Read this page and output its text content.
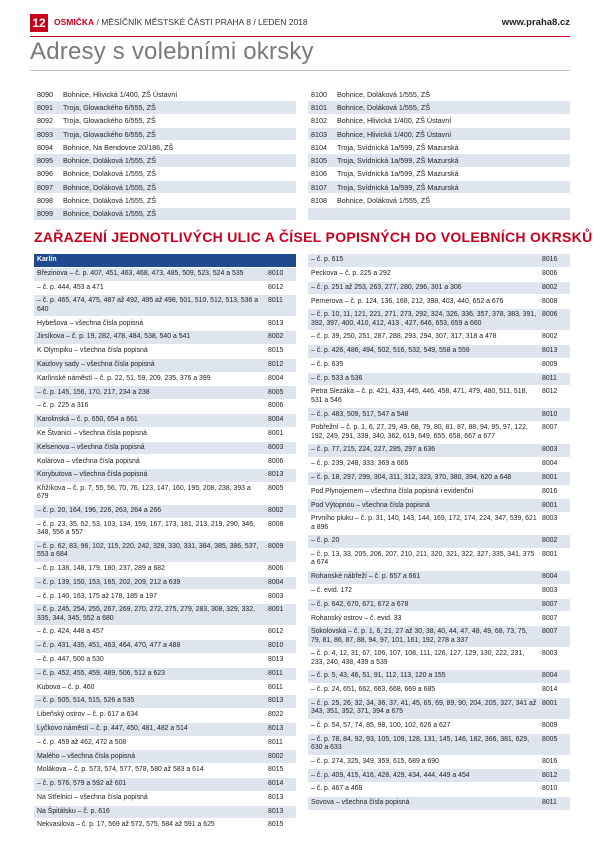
12 OSMIČKA / MĚSÍČNÍK MĚSTSKÉ ČÁSTI PRAHA 8 / LEDEN 2018	www.praha8.cz
Adresy s volebními okrsky
8090	Bohnice, Hlivická 1/400, ZŠ Ústavní
8091	Troja, Glowackého 6/555, ZŠ
8092	Troja, Glowackého 6/555, ZŠ
8093	Troja, Glowackého 6/555, ZŠ
8094	Bohnice, Na Bendovce 20/186, ZŠ
8095	Bohnice, Doláková 1/555, ZŠ
8096	Bohnice, Doláková 1/555, ZŠ
8097	Bohnice, Doláková 1/555, ZŠ
8098	Bohnice, Doláková 1/555, ZŠ
8099	Bohnice, Doláková 1/555, ZŠ
8100	Bohnice, Doláková 1/555, ZŠ
8101	Bohnice, Doláková 1/555, ZŠ
8102	Bohnice, Hlivická 1/400, ZŠ Ústavní
8103	Bohnice, Hlivická 1/400, ZŠ Ústavní
8104	Troja, Svídnická 1a/599, ZŠ Mazurská
8105	Troja, Svídnická 1a/599, ZŠ Mazurská
8106	Troja, Svídnická 1a/599, ZŠ Mazurská
8107	Troja, Svídnická 1a/599, ZŠ Mazurská
8108	Bohnice, Doláková 1/555, ZŠ

ZAŘAZENÍ JEDNOTLIVÝCH ULIC A ČÍSEL POPISNÝCH DO VOLEBNÍCH OKRSKŮ
Karlín
Březinova – č. p. 407, 451, 463, 468, 473, 485, 509, 523, 524 a 535	8010
– č. p. 444, 453 a 471	8012
– č. p. 465, 474, 475, 487 až 492, 495 až 498, 501, 510, 512, 513, 536 a 640
8011
Hybešova – všechna čísla popisná	8013
Jirsíkova – č. p. 19, 282, 478, 484, 538, 540 a 541	8002
K Olympiku – všechna čísla popisná	8015
Kaizlovy sady – všechna čísla popisná	8012
Karlínské náměstí – č. p. 22, 51, 59, 209, 235, 376 a 399	8004
– č. p. 145, 156, 170, 217, 234 a 238	8005
– č. p. 225 a 316	8006
Karolinská – č. p. 650, 654 a 661	8004
Ke Štvanici – všechna čísla popisná	8001
Kelsenova – všechna čísla popisná	8003
Kolárova – všechna čísla popisná	8006
Korybutova – všechna čísla popisná	8013
Křižíkova – č. p. 7, 55, 56, 70, 76, 123, 147, 160, 195, 208, 238, 393 a 679
8005
– č. p. 20, 164, 196, 226, 263, 264 a 266	8002
– č. p. 23, 35, 52, 53, 103, 134, 159, 167, 173, 181, 213, 219, 290, 346, 348, 556 a 557
8008
– č. p. 62, 83, 96, 102, 115, 220, 242, 328, 330, 331, 384, 385, 386, 537, 553 a 684
8009
– č. p. 138, 148, 179, 180, 237, 289 a 682	8006
– č. p. 139, 150, 153, 165, 202, 209, 212 a 639	8004
– č. p. 140, 163, 175 až 178, 185 a 197	8003
– č. p. 245, 254, 255, 267, 269, 270, 272, 275, 279, 283, 308, 329, 332, 335, 344, 345, 552 a 680
8001
– č. p. 424, 448 a 457	8012
– č. p. 431, 435, 451, 463, 464, 470, 477 a 488	8010
– č. p. 447, 500 a 530	8013
– č. p. 452, 455, 459, 489, 506, 512 a 623	8011
Kubova – č. p. 460	8011
– č. p. 505, 514, 515, 526 a 535	8013
Libeňský ostrov – č. p. 617 a 634	8022
Lyčkovo náměstí – č. p. 447, 450, 481, 482 a 514	8013
– č. p. 459 až 462, 472 a 508	8011
Malého – všechna čísla popisná	8002
Molákova – č. p. 573, 574, 577, 578, 580 až 583 a 614	8015
– č. p. 576, 579 a 592 až 601	8014
Na Střelnici – všechna čísla popisná	8013
Na Špitálsku – č. p. 616	8013
Nekvasilova – č. p. 17, 569 až 572, 575, 584 až 591 a 625	8015
– č. p. 615	8016
Peckova – č. p. 225 a 292	8006
– č. p. 251 až 253, 263, 277, 280, 296, 301 a 306	8002
Pernerova – č. p. 124, 136, 168, 212, 398, 403, 440, 652 a 676	8008
– č. p. 10, 11, 121, 221, 271, 273, 292, 324, 326, 336, 357, 378, 383, 391, 392, 397, 400, 410, 412, 413 , 427, 646, 653, 659 a 660
8006
– č. p. 39, 250, 251, 287, 288, 293, 294, 307, 317, 318 a 478	8002
– č. p. 426, 486, 494, 502, 516, 532, 549, 558 a 559	8013
– č. p. 635	8009
– č. p. 533 a 536	8011
Petra Slezáka – č. p. 421, 433, 445, 446, 458, 471, 479, 480, 511, 518, 531 a 546
8012
– č. p. 483, 509, 517, 547 a 548	8010
Pobřežní – č. p. 1, 6, 27, 29, 49, 68, 79, 80, 81, 87, 88, 94, 95, 97, 122, 192, 249, 291, 339, 340, 362, 619, 649, 655, 658, 667 a 677
8007
– č. p. 77, 215, 224, 227, 285, 297 a 636	8003
– č. p. 239, 248, 333, 369 a 665	8004
– č. p. 18, 297, 299, 304, 311, 312, 323, 370, 380, 394, 620 a 648	8001
Pod Plynojemem – všechna čísla popisná i evidenční	8016
Pod Výtopnou – všechna čísla popisná	8001
Prvního pluku – č. p. 31, 140, 143, 144, 169, 172, 174, 224, 347, 539, 621 a 896
8003
– č. p. 20	8002
– č. p. 13, 33, 205, 206, 207, 210, 211, 320, 321, 322, 327, 335, 341, 375 a 674
8001
Rohanské nábřeží – č. p. 657 a 661	8004
– č. evid. 172	8003
– č. p. 642, 670, 671, 672 a 678	8007
Rohanský ostrov – č. evid. 33	8007
Sokolovská – č. p. 1, 6, 21, 27 až 30, 38, 40, 44, 47, 48, 49, 68, 73, 75, 79, 81, 86, 87, 88, 94, 97, 101, 161, 192, 278 a 337
8007
– č. p. 4, 12, 31, 67, 106, 107, 108, 111, 126, 127, 129, 130, 222, 231, 233, 240, 438, 439 a 539
8003
– č. p. 5, 43, 46, 51, 91, 112, 113, 120 a 155	8004
– č. p. 24, 651, 662, 663, 668, 669 a 685	8014
– č. p. 25, 26, 32, 34, 36, 37, 41, 45, 65, 69, 89, 90, 204, 205, 327, 341 až 343, 351, 352, 371, 394 a 675
8001
– č. p. 54, 57, 74, 85, 98, 100, 102, 626 a 627	8009
– č. p. 78, 84, 92, 93, 105, 109, 128, 131, 145, 146, 182, 366, 381, 629, 630 a 633
8005
– č. p. 274, 325, 349, 359, 615, 689 a 690	8016
– č. p. 409, 415, 416, 428, 429, 434, 444, 449 a 454	8012
– č. p. 467 a 468	8010
Sovova – všechna čísla popisná	8011
